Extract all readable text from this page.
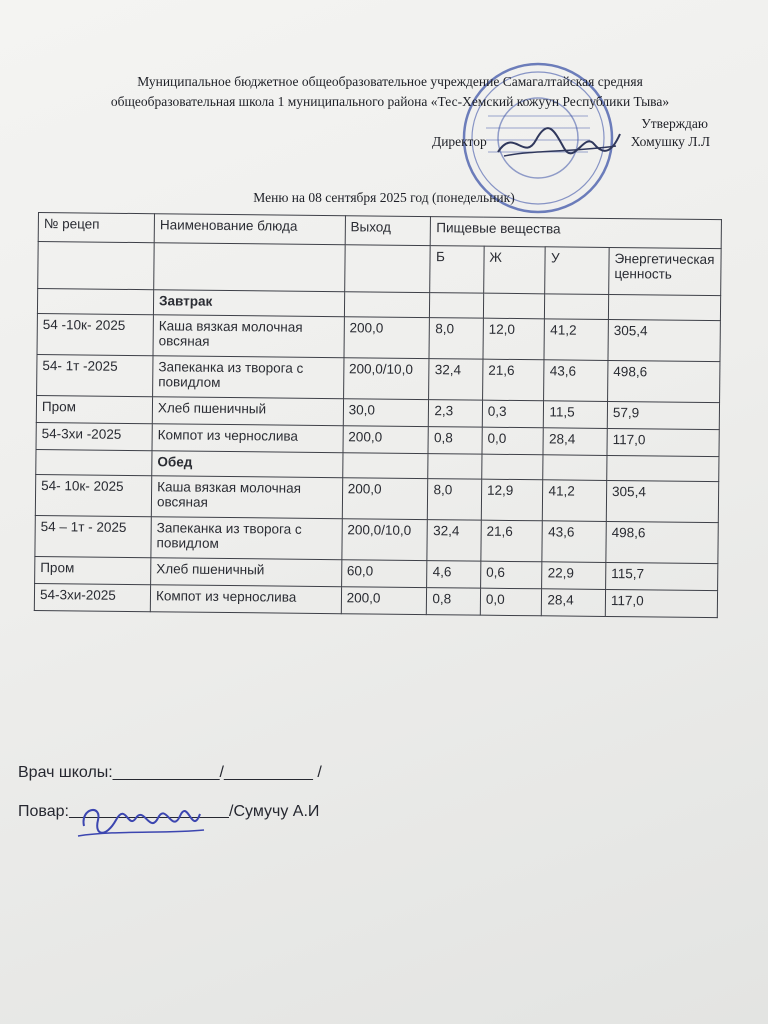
Муниципальное бюджетное общеобразовательное учреждение Самагалтайская средняя
общеобразовательная школа 1 муниципального района «Тес-Хемский кожуун Республики Тыва»
Утверждаю
Директор	Хомушку Л.Л
Меню на 08 сентября 2025 год (понедельник)
№ рецеп	Наименование блюда	Выход	Пищевые вещества			
			Б	Ж	У	Энергетическая ценность
	Завтрак					
54 -10к- 2025	Каша вязкая молочная овсяная	200,0	8,0	12,0	41,2	305,4
54- 1т -2025	Запеканка из творога с повидлом	200,0/10,0	32,4	21,6	43,6	498,6
Пром	Хлеб пшеничный	30,0	2,3	0,3	11,5	57,9
54-3хи -2025	Компот из чернослива	200,0	0,8	0,0	28,4	117,0
	Обед					
54- 10к- 2025	Каша вязкая молочная овсяная	200,0	8,0	12,9	41,2	305,4
54 – 1т - 2025	Запеканка из творога с повидлом	200,0/10,0	32,4	21,6	43,6	498,6
Пром	Хлеб пшеничный	60,0	4,6	0,6	22,9	115,7
54-3хи-2025	Компот из чернослива	200,0	0,8	0,0	28,4	117,0
Врач школы:____________/__________ /
Повар:	/Сумучу А.И
